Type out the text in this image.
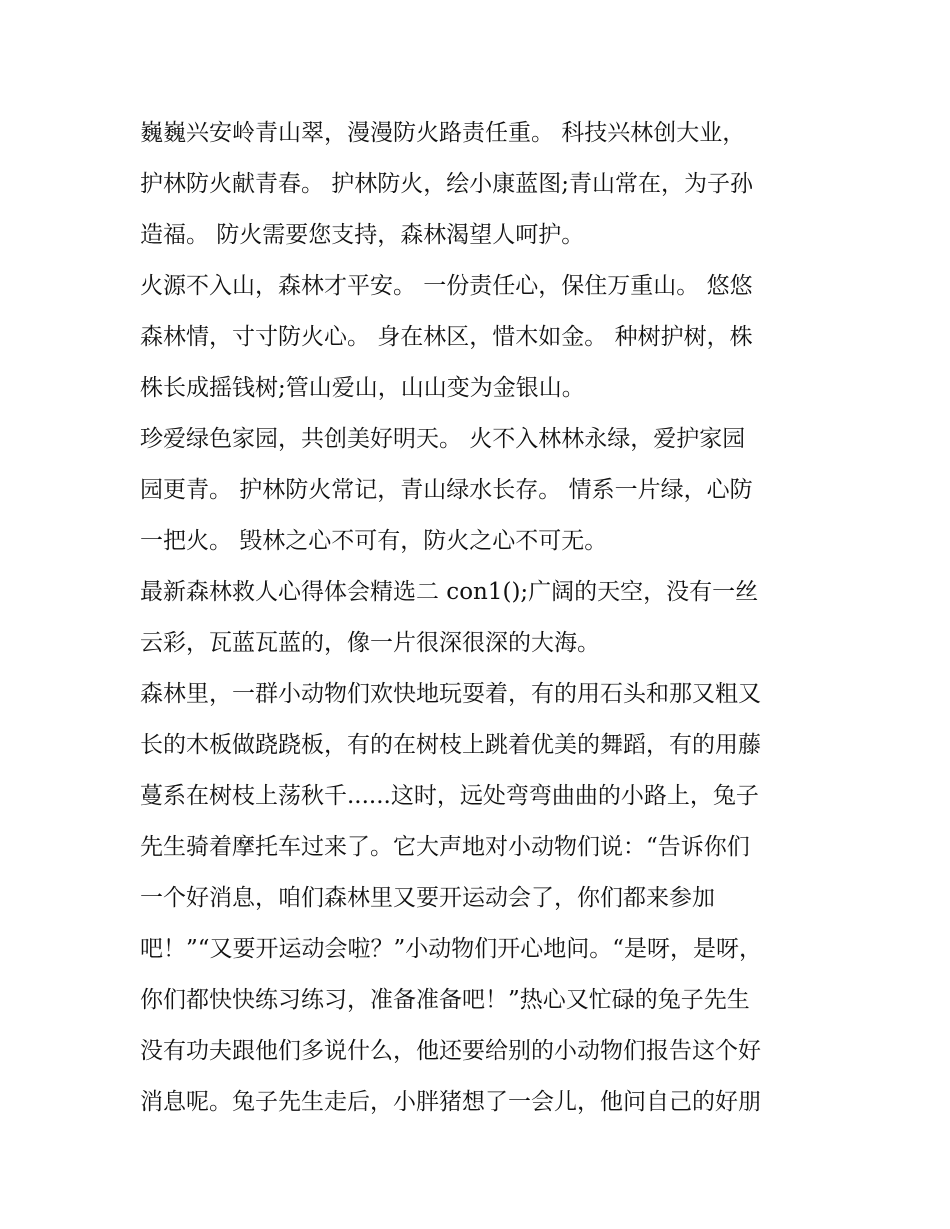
巍巍兴安岭青山翠，漫漫防火路责任重。 科技兴林创大业，
护林防火献青春。 护林防火，绘小康蓝图;青山常在，为子孙
造福。 防火需要您支持，森林渴望人呵护。
火源不入山，森林才平安。 一份责任心，保住万重山。 悠悠
森林情，寸寸防火心。 身在林区，惜木如金。 种树护树，株
株长成摇钱树;管山爱山，山山变为金银山。
珍爱绿色家园，共创美好明天。 火不入林林永绿，爱护家园
园更青。 护林防火常记，青山绿水长存。 情系一片绿，心防
一把火。 毁林之心不可有，防火之心不可无。
最新森林救人心得体会精选二 con1();广阔的天空，没有一丝
云彩，瓦蓝瓦蓝的，像一片很深很深的大海。
森林里，一群小动物们欢快地玩耍着，有的用石头和那又粗又
长的木板做跷跷板，有的在树枝上跳着优美的舞蹈，有的用藤
蔓系在树枝上荡秋千......这时，远处弯弯曲曲的小路上，兔子
先生骑着摩托车过来了。它大声地对小动物们说：“告诉你们
一个好消息，咱们森林里又要开运动会了，你们都来参加
吧！”“又要开运动会啦？”小动物们开心地问。“是呀，是呀，
你们都快快练习练习，准备准备吧！”热心又忙碌的兔子先生
没有功夫跟他们多说什么，他还要给别的小动物们报告这个好
消息呢。兔子先生走后，小胖猪想了一会儿，他问自己的好朋
